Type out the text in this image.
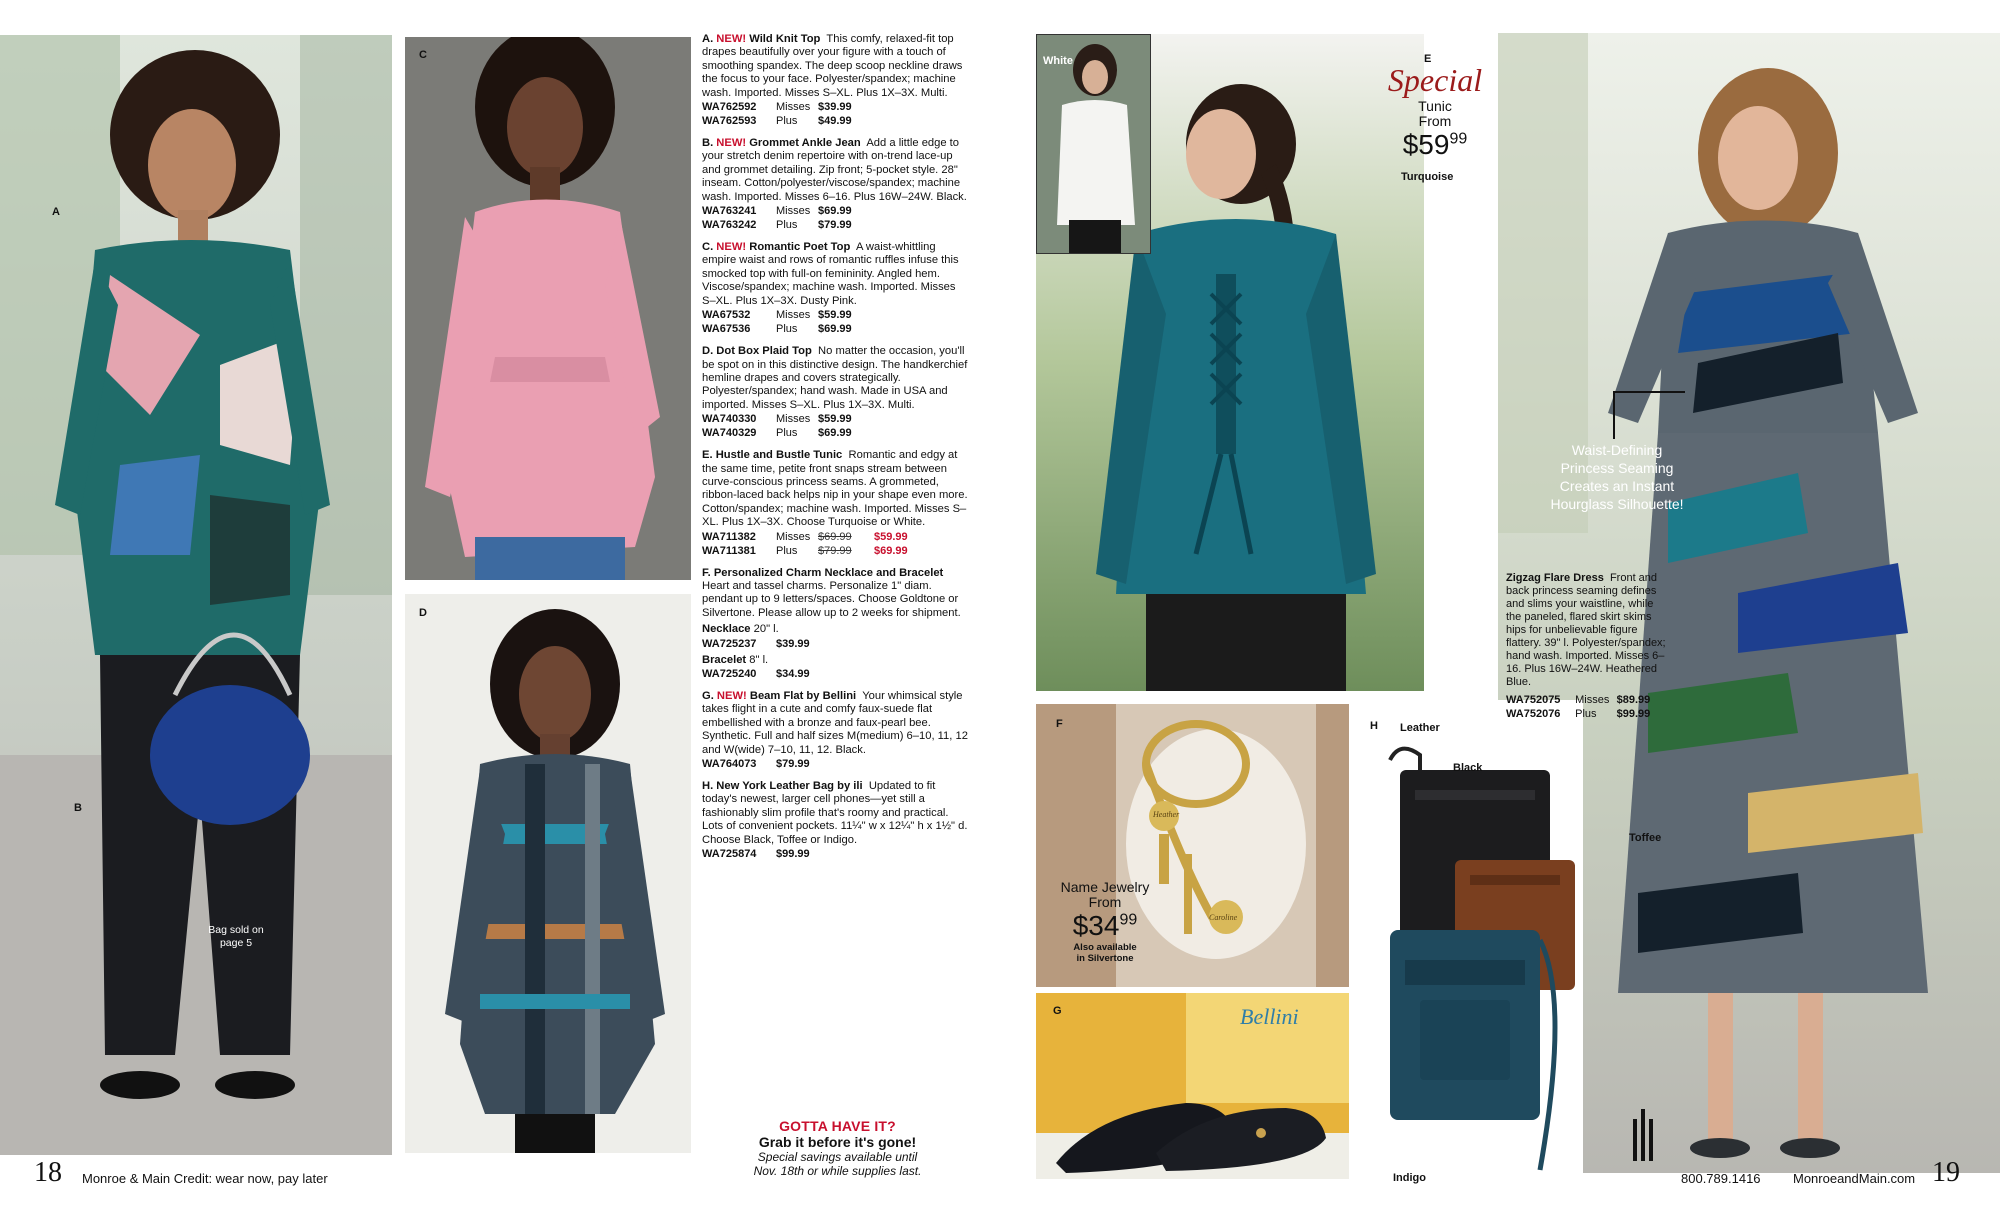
A
B
Bag sold on page 5
C
D
A. NEW! Wild Knit Top This comfy, relaxed-fit top drapes beautifully over your figure with a touch of smoothing spandex. The deep scoop neckline draws the focus to your face. Polyester/spandex; machine wash. Imported. Misses S–XL. Plus 1X–3X. Multi.
WA762592	Misses $39.99
WA762593	Plus	$49.99
B. NEW! Grommet Ankle Jean Add a little edge to your stretch denim repertoire with on-trend lace-up and grommet detailing. Zip front; 5-pocket style. 28" inseam. Cotton/polyester/viscose/spandex; machine wash. Imported. Misses 6–16. Plus 16W–24W. Black.
WA763241	Misses $69.99
WA763242	Plus	$79.99
C. NEW! Romantic Poet Top A waist-whittling empire waist and rows of romantic ruffles infuse this smocked top with full-on femininity. Angled hem. Viscose/spandex; machine wash. Imported. Misses S–XL. Plus 1X–3X. Dusty Pink.
WA67532	Misses $59.99
WA67536	Plus	$69.99
D. Dot Box Plaid Top No matter the occasion, you'll be spot on in this distinctive design. The handkerchief hemline drapes and covers strategically. Polyester/spandex; hand wash. Made in USA and imported. Misses S–XL. Plus 1X–3X. Multi.
WA740330	Misses $59.99
WA740329	Plus	$69.99
E. Hustle and Bustle Tunic Romantic and edgy at the same time, petite front snaps stream between curve-conscious princess seams. A grommeted, ribbon-laced back helps nip in your shape even more. Cotton/spandex; machine wash. Imported. Misses S–XL. Plus 1X–3X. Choose Turquoise or White.
WA711382	Misses $69.99	$59.99
WA711381	Plus	$79.99	$69.99
F. Personalized Charm Necklace and Bracelet
Heart and tassel charms. Personalize 1" diam. pendant up to 9 letters/spaces. Choose Goldtone or Silvertone. Please allow up to 2 weeks for shipment.
Necklace 20" l.
WA725237	$39.99
Bracelet 8" l.
WA725240	$34.99
G. NEW! Beam Flat by Bellini Your whimsical style takes flight in a cute and comfy faux-suede flat embellished with a bronze and faux-pearl bee. Synthetic. Full and half sizes M(medium) 6–10, 11, 12 and W(wide) 7–10, 11, 12. Black.
WA764073	$79.99
H. New York Leather Bag by ili Updated to fit today's newest, larger cell phones—yet still a fashionably slim profile that's roomy and practical. Lots of convenient pockets. 11¼" w x 12¼" h x 1½" d. Choose Black, Toffee or Indigo.
WA725874	$99.99
GOTTA HAVE IT?
Grab it before it's gone!
Special savings available until
Nov. 18th or while supplies last.
18 Monroe & Main Credit: wear now, pay later
White	E
Special
Tunic
From
$\$59^{99}$
Turquoise
F
Heather
Caroline
Name Jewelry
From
$\$34^{99}$
Also available
in Silvertone
G	Bellini
H Leather
Black
Toffee
Indigo
Waist-Defining
Princess Seaming
Creates an Instant
Hourglass Silhouette!
Zigzag Flare Dress Front and back princess seaming defines and slims your waistline, while the paneled, flared skirt skims hips for unbelievable figure flattery. 39" l. Polyester/spandex; hand wash. Imported. Misses 6–16. Plus 16W–24W. Heathered Blue.
WA752075	Misses $89.99
WA752076	Plus	$99.99
800.789.1416 MonroeandMain.com 19
